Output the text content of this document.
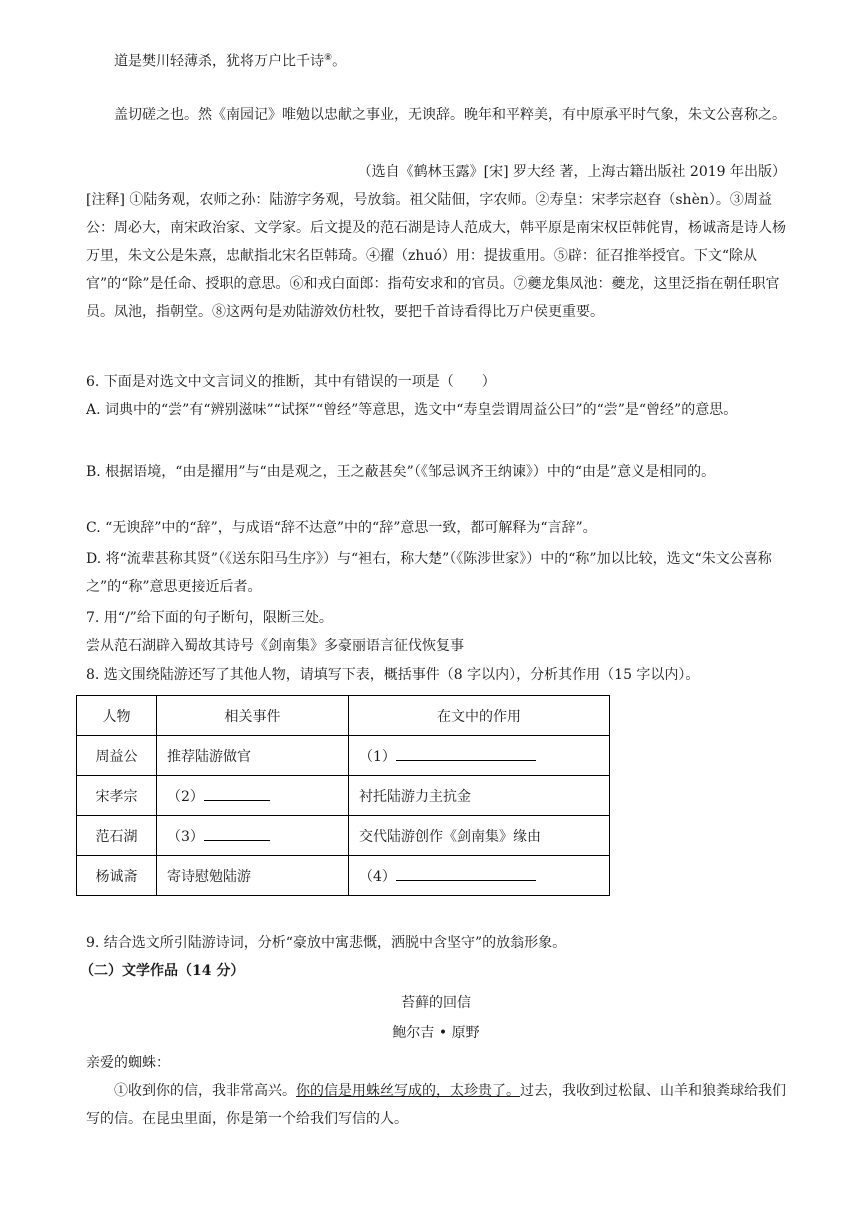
道是樊川轻薄杀，犹将万户比千诗⑧。

盖切磋之也。然《南园记》唯勉以忠献之事业，无谀辞。晚年和平粹美，有中原承平时气象，朱文公喜称之。

（选自《鹤林玉露》[宋] 罗大经 著，上海古籍出版社 2019 年出版）

[注释] ①陆务观，农师之孙：陆游字务观，号放翁。祖父陆佃，字农师。②寿皇：宋孝宗赵昚（shèn）。③周益公：周必大，南宋政治家、文学家。后文提及的范石湖是诗人范成大，韩平原是南宋权臣韩侂胄，杨诚斋是诗人杨万里，朱文公是朱熹，忠献指北宋名臣韩琦。④擢（zhuó）用：提拔重用。⑤辟：征召推举授官。下文“除从官”的“除”是任命、授职的意思。⑥和戎白面郎：指苟安求和的官员。⑦夔龙集凤池：夔龙，这里泛指在朝任职官员。凤池，指朝堂。⑧这两句是劝陆游效仿杜牧，要把千首诗看得比万户侯更重要。

6. 下面是对选文中文言词义的推断，其中有错误的一项是（　　）

A. 词典中的“尝”有“辨别滋味”“试探”“曾经”等意思，选文中“寿皇尝谓周益公曰”的“尝”是“曾经”的意思。

B. 根据语境，“由是擢用”与“由是观之，王之蔽甚矣”（《邹忌讽齐王纳谏》）中的“由是”意义是相同的。

C. “无谀辞”中的“辞”，与成语“辞不达意”中的“辞”意思一致，都可解释为“言辞”。

D. 将“流辈甚称其贤”（《送东阳马生序》）与“袒右，称大楚”（《陈涉世家》）中的“称”加以比较，选文“朱文公喜称之”的“称”意思更接近后者。

7. 用“/”给下面的句子断句，限断三处。

尝从范石湖辟入蜀故其诗号《剑南集》多豪丽语言征伐恢复事

8. 选文围绕陆游还写了其他人物，请填写下表，概括事件（8 字以内），分析其作用（15 字以内）。

人物	相关事件	在文中的作用
周益公	推荐陆游做官	（1）
宋孝宗	（2）	衬托陆游力主抗金
范石湖	（3）	交代陆游创作《剑南集》缘由
杨诚斋	寄诗慰勉陆游	（4）

9. 结合选文所引陆游诗词，分析“豪放中寓悲慨，洒脱中含坚守”的放翁形象。

（二）文学作品（14 分）

苔藓的回信

鲍尔吉 • 原野

亲爱的蜘蛛：

①收到你的信，我非常高兴。你的信是用蛛丝写成的，太珍贵了。过去，我收到过松鼠、山羊和狼粪球给我们写的信。在昆虫里面，你是第一个给我们写信的人。
